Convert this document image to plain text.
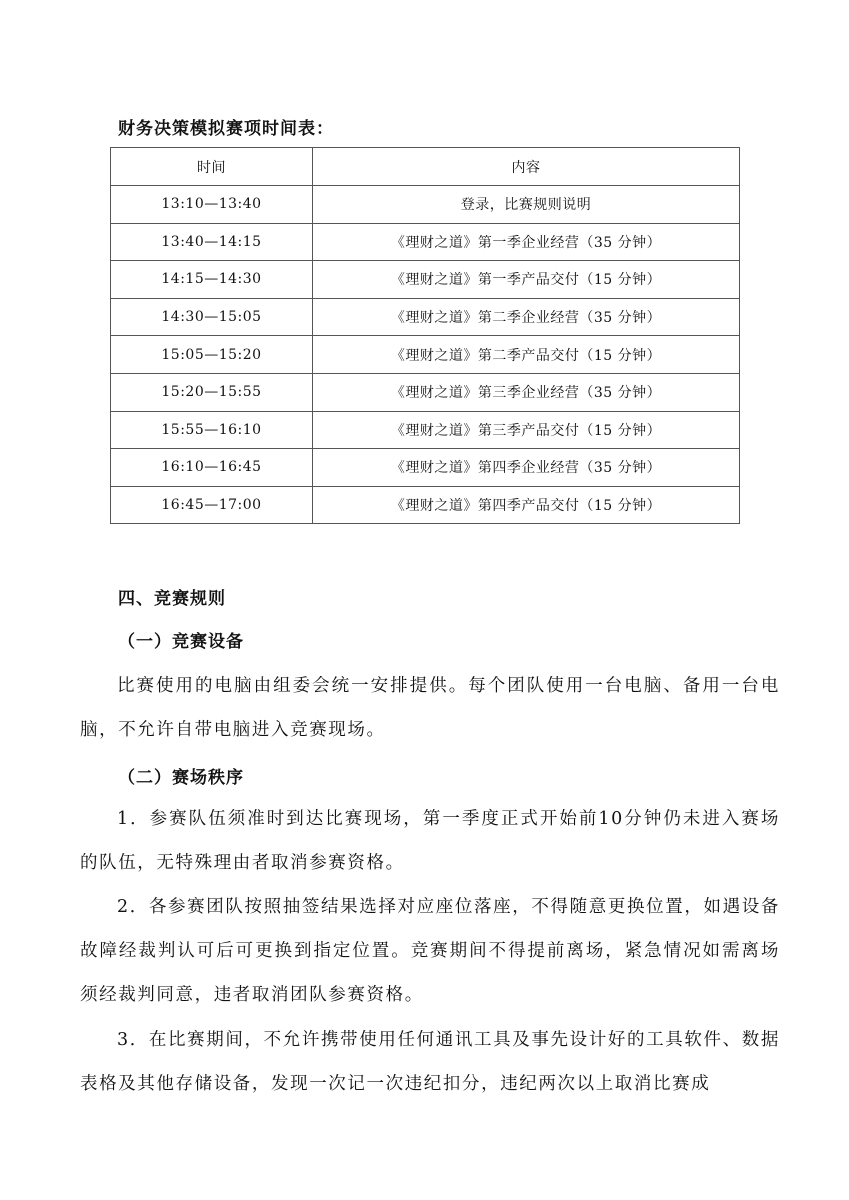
财务决策模拟赛项时间表：
时间	内容
13:10—13:40	登录，比赛规则说明
13:40—14:15	《理财之道》第一季企业经营（35 分钟）
14:15—14:30	《理财之道》第一季产品交付（15 分钟）
14:30—15:05	《理财之道》第二季企业经营（35 分钟）
15:05—15:20	《理财之道》第二季产品交付（15 分钟）
15:20—15:55	《理财之道》第三季企业经营（35 分钟）
15:55—16:10	《理财之道》第三季产品交付（15 分钟）
16:10—16:45	《理财之道》第四季企业经营（35 分钟）
16:45—17:00	《理财之道》第四季产品交付（15 分钟）
四、竞赛规则
（一）竞赛设备
比赛使用的电脑由组委会统一安排提供。每个团队使用一台电脑、备用一台电脑，不允许自带电脑进入竞赛现场。
（二）赛场秩序
1．参赛队伍须准时到达比赛现场，第一季度正式开始前10分钟仍未进入赛场的队伍，无特殊理由者取消参赛资格。
2．各参赛团队按照抽签结果选择对应座位落座，不得随意更换位置，如遇设备故障经裁判认可后可更换到指定位置。竞赛期间不得提前离场，紧急情况如需离场须经裁判同意，违者取消团队参赛资格。
3．在比赛期间，不允许携带使用任何通讯工具及事先设计好的工具软件、数据表格及其他存储设备，发现一次记一次违纪扣分，违纪两次以上取消比赛成
